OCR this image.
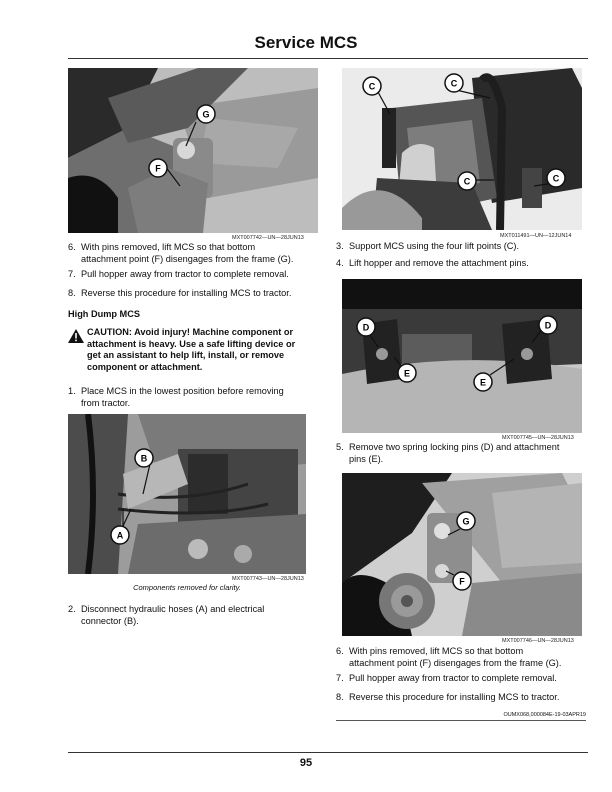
Service MCS
G
F
MXT007742—UN—28JUN13
6. With pins removed, lift MCS so that bottom
attachment point (F) disengages from the frame (G).
7. Pull hopper away from tractor to complete removal.
8. Reverse this procedure for installing MCS to tractor.
High Dump MCS
CAUTION: Avoid injury! Machine component or
attachment is heavy. Use a safe lifting device or
get an assistant to help lift, install, or remove
component or attachment.
1. Place MCS in the lowest position before removing
from tractor.
B
A
MXT007743—UN—28JUN13
Components removed for clarity.
2. Disconnect hydraulic hoses (A) and electrical
connector (B).
C	C
C	C
MXT011491—UN—12JUN14
3. Support MCS using the four lift points (C).
4. Lift hopper and remove the attachment pins.
D	D
E
E
MXT007745—UN—28JUN13
5. Remove two spring locking pins (D) and attachment
pins (E).
G
F
MXT007746—UN—28JUN13
6. With pins removed, lift MCS so that bottom
attachment point (F) disengages from the frame (G).
7. Pull hopper away from tractor to complete removal.
8. Reverse this procedure for installing MCS to tractor.
OUMX068,000084E-19-03APR19
95
